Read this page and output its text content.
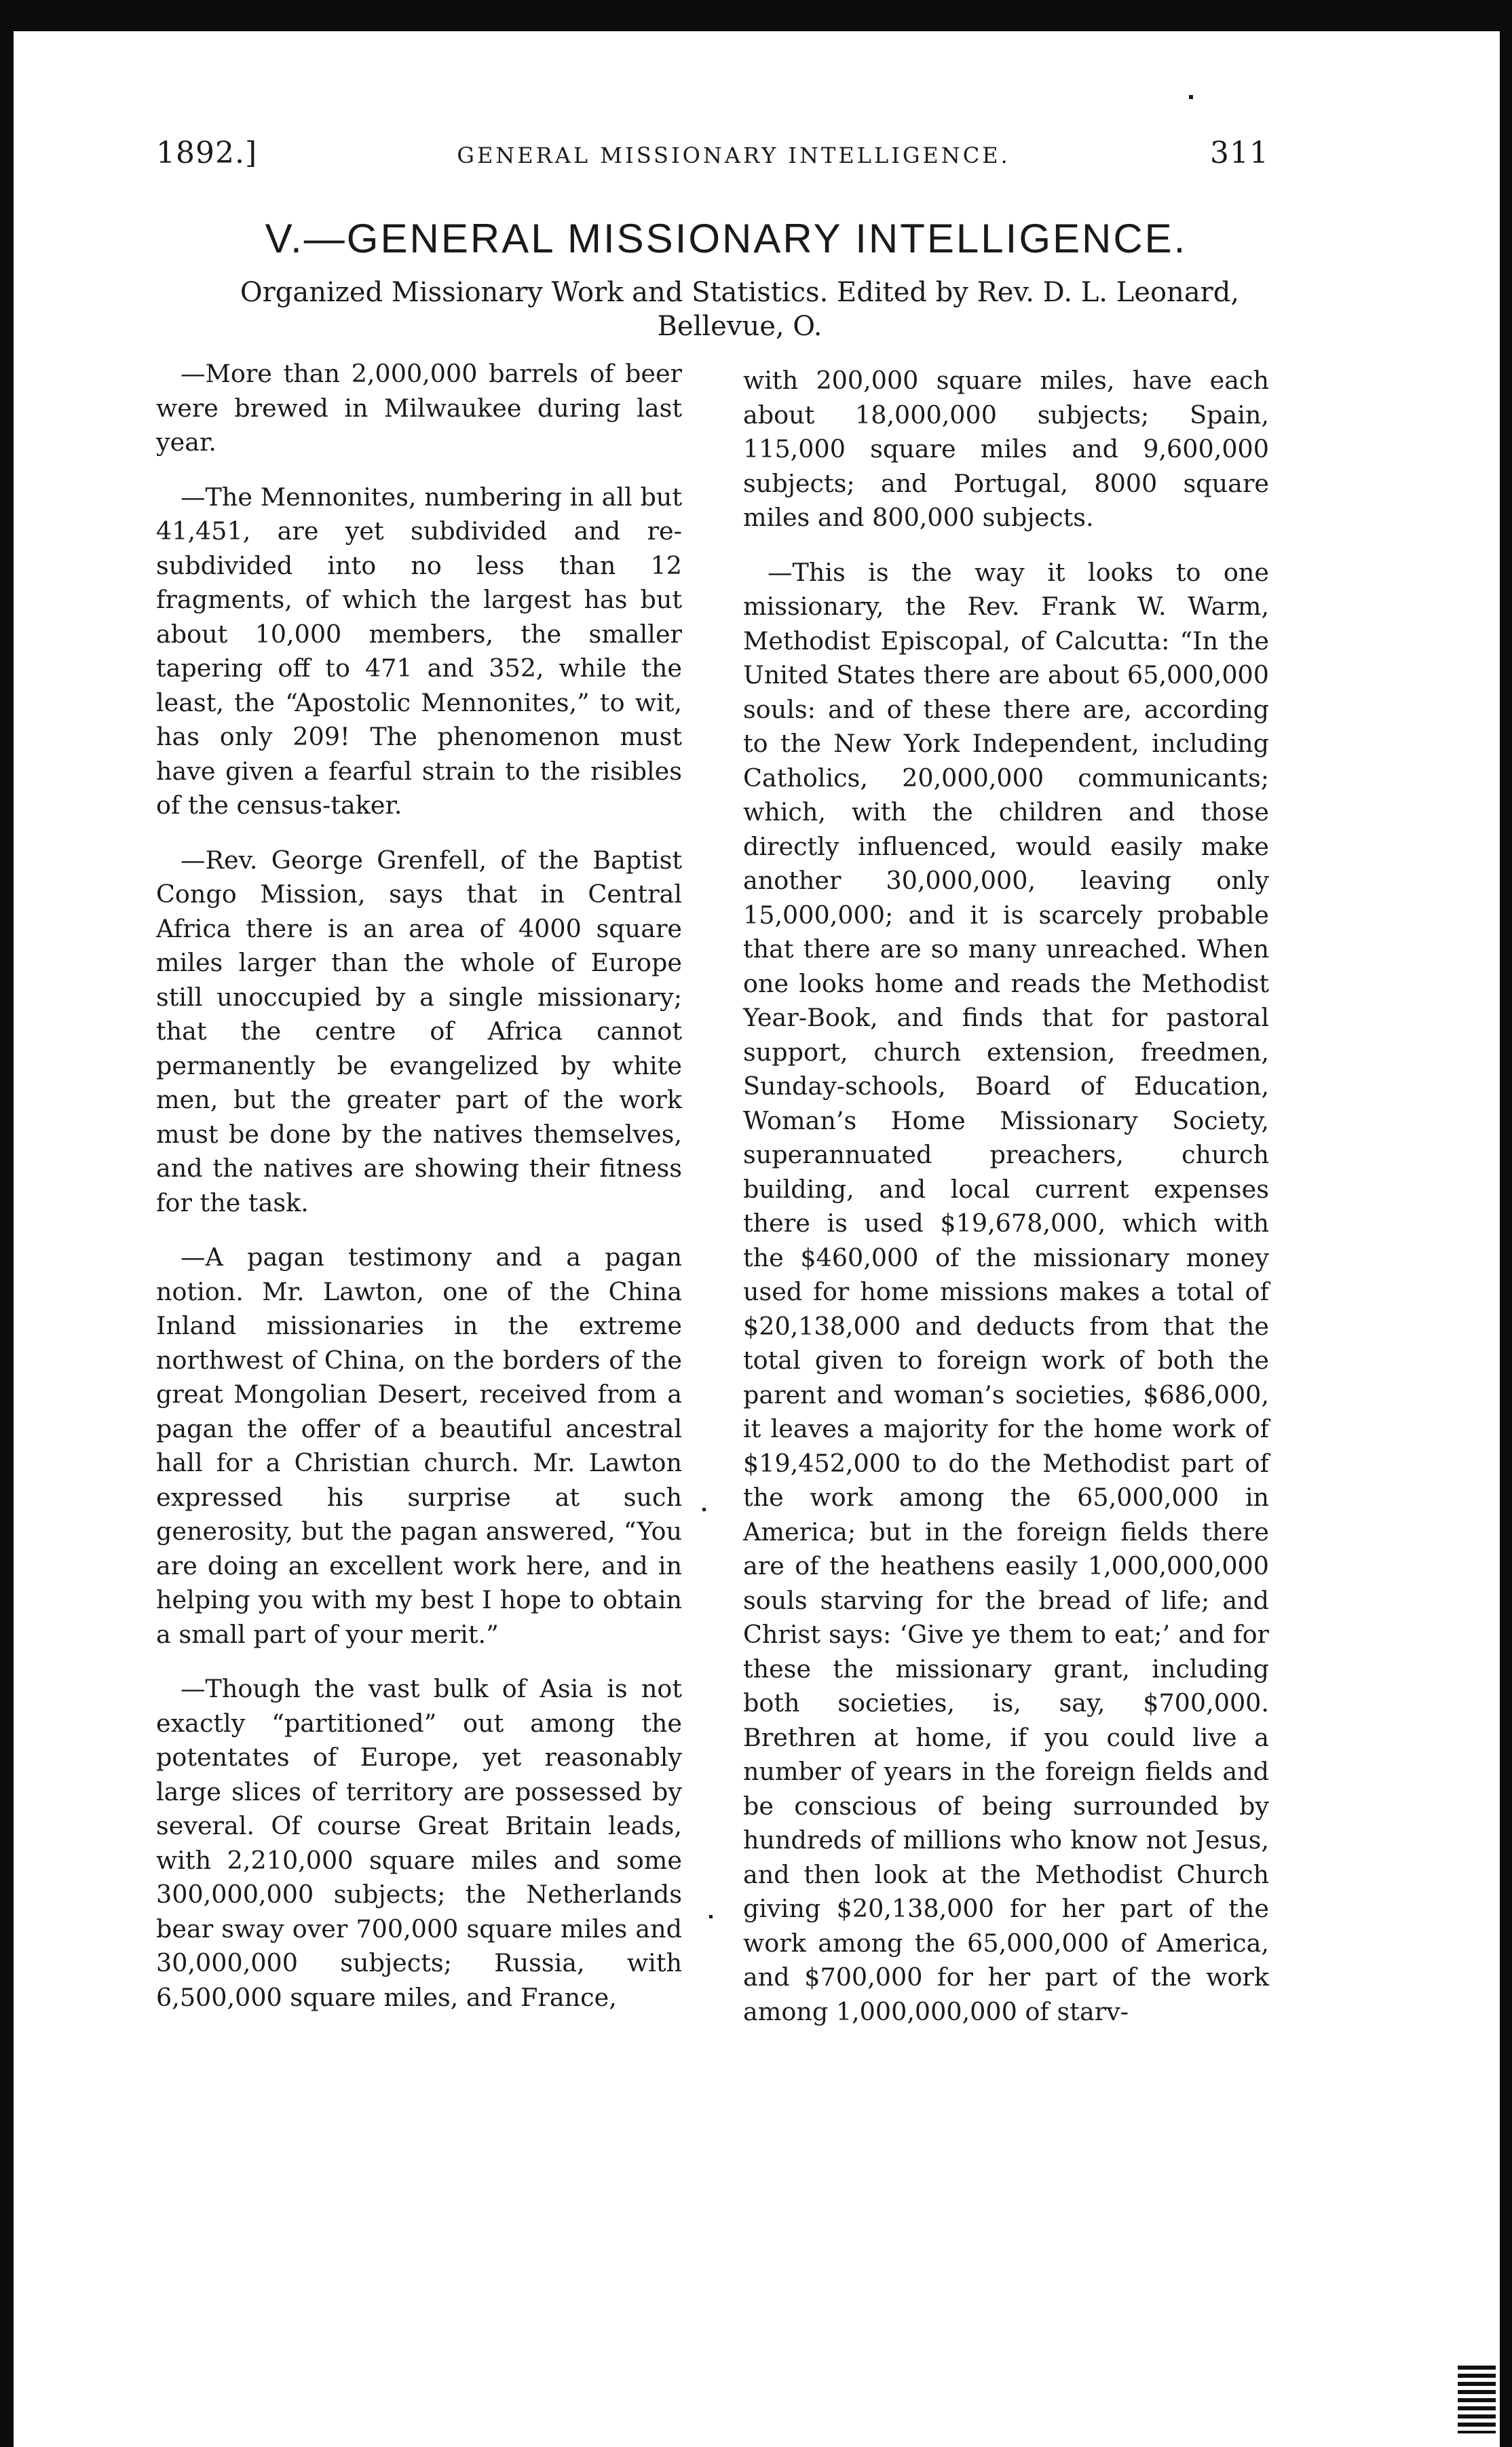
1892.]	GENERAL MISSIONARY INTELLIGENCE.	311
V.—GENERAL MISSIONARY INTELLIGENCE.
Organized Missionary Work and Statistics. Edited by Rev. D. L. Leonard,
Bellevue, O.

—More than 2,000,000 barrels of beer were brewed in Milwaukee during last year.

—The Mennonites, numbering in all but 41,451, are yet subdivided and re-subdivided into no less than 12 fragments, of which the largest has but about 10,000 members, the smaller tapering off to 471 and 352, while the least, the “Apostolic Mennonites,” to wit, has only 209! The phenomenon must have given a fearful strain to the risibles of the census-taker.

—Rev. George Grenfell, of the Baptist Congo Mission, says that in Central Africa there is an area of 4000 square miles larger than the whole of Europe still unoccupied by a single missionary; that the centre of Africa cannot permanently be evangelized by white men, but the greater part of the work must be done by the natives themselves, and the natives are showing their fitness for the task.

—A pagan testimony and a pagan notion. Mr. Lawton, one of the China Inland missionaries in the extreme northwest of China, on the borders of the great Mongolian Desert, received from a pagan the offer of a beautiful ancestral hall for a Christian church. Mr. Lawton expressed his surprise at such generosity, but the pagan answered, “You are doing an excellent work here, and in helping you with my best I hope to obtain a small part of your merit.”

—Though the vast bulk of Asia is not exactly “partitioned” out among the potentates of Europe, yet reasonably large slices of territory are possessed by several. Of course Great Britain leads, with 2,210,000 square miles and some 300,000,000 subjects; the Netherlands bear sway over 700,000 square miles and 30,000,000 subjects; Russia, with 6,500,000 square miles, and France,

with 200,000 square miles, have each about 18,000,000 subjects; Spain, 115,000 square miles and 9,600,000 subjects; and Portugal, 8000 square miles and 800,000 subjects.

—This is the way it looks to one missionary, the Rev. Frank W. Warm, Methodist Episcopal, of Calcutta: “In the United States there are about 65,000,000 souls: and of these there are, according to the New York Independent, including Catholics, 20,000,000 communicants; which, with the children and those directly influenced, would easily make another 30,000,000, leaving only 15,000,000; and it is scarcely probable that there are so many unreached. When one looks home and reads the Methodist Year-Book, and finds that for pastoral support, church extension, freedmen, Sunday-schools, Board of Education, Woman’s Home Missionary Society, superannuated preachers, church building, and local current expenses there is used $19,678,000, which with the $460,000 of the missionary money used for home missions makes a total of $20,138,000 and deducts from that the total given to foreign work of both the parent and woman’s societies, $686,000, it leaves a majority for the home work of $19,452,000 to do the Methodist part of the work among the 65,000,000 in America; but in the foreign fields there are of the heathens easily 1,000,000,000 souls starving for the bread of life; and Christ says: ‘Give ye them to eat;’ and for these the missionary grant, including both societies, is, say, $700,000. Brethren at home, if you could live a number of years in the foreign fields and be conscious of being surrounded by hundreds of millions who know not Jesus, and then look at the Methodist Church giving $20,138,000 for her part of the work among the 65,000,000 of America, and $700,000 for her part of the work among 1,000,000,000 of starv-
